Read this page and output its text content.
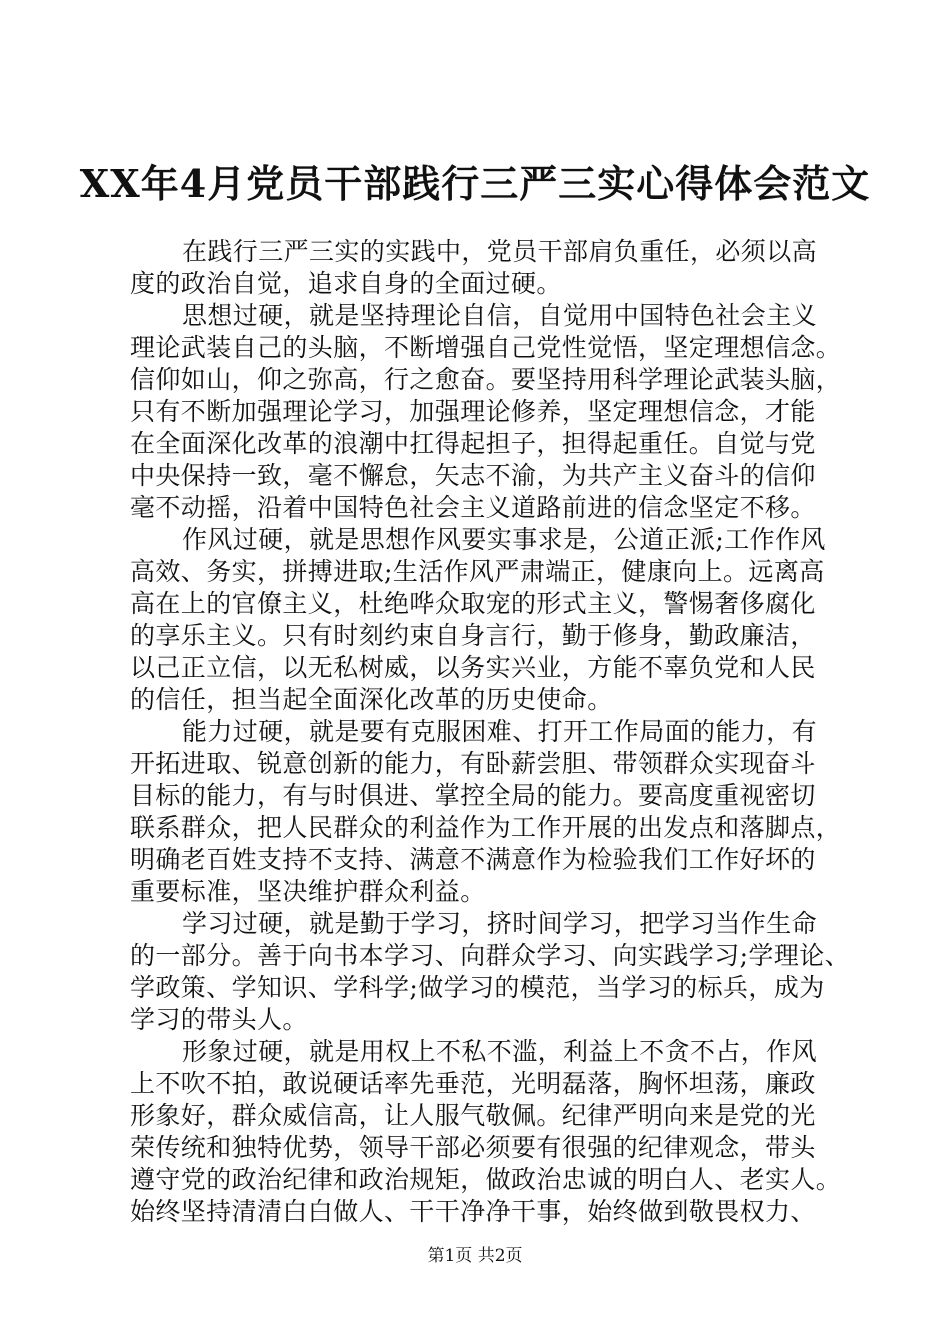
XX年4月党员干部践行三严三实心得体会范文
在践行三严三实的实践中，党员干部肩负重任，必须以高
度的政治自觉，追求自身的全面过硬。
思想过硬，就是坚持理论自信，自觉用中国特色社会主义
理论武装自己的头脑，不断增强自己党性觉悟，坚定理想信念。
信仰如山，仰之弥高，行之愈奋。要坚持用科学理论武装头脑，
只有不断加强理论学习，加强理论修养，坚定理想信念，才能
在全面深化改革的浪潮中扛得起担子，担得起重任。自觉与党
中央保持一致，毫不懈怠，矢志不渝，为共产主义奋斗的信仰
毫不动摇，沿着中国特色社会主义道路前进的信念坚定不移。
作风过硬，就是思想作风要实事求是，公道正派;工作作风
高效、务实，拼搏进取;生活作风严肃端正，健康向上。远离高
高在上的官僚主义，杜绝哗众取宠的形式主义，警惕奢侈腐化
的享乐主义。只有时刻约束自身言行，勤于修身，勤政廉洁，
以己正立信，以无私树威，以务实兴业，方能不辜负党和人民
的信任，担当起全面深化改革的历史使命。
能力过硬，就是要有克服困难、打开工作局面的能力，有
开拓进取、锐意创新的能力，有卧薪尝胆、带领群众实现奋斗
目标的能力，有与时俱进、掌控全局的能力。要高度重视密切
联系群众，把人民群众的利益作为工作开展的出发点和落脚点，
明确老百姓支持不支持、满意不满意作为检验我们工作好坏的
重要标准，坚决维护群众利益。
学习过硬，就是勤于学习，挤时间学习，把学习当作生命
的一部分。善于向书本学习、向群众学习、向实践学习;学理论、
学政策、学知识、学科学;做学习的模范，当学习的标兵，成为
学习的带头人。
形象过硬，就是用权上不私不滥，利益上不贪不占，作风
上不吹不拍，敢说硬话率先垂范，光明磊落，胸怀坦荡，廉政
形象好，群众威信高，让人服气敬佩。纪律严明向来是党的光
荣传统和独特优势，领导干部必须要有很强的纪律观念，带头
遵守党的政治纪律和政治规矩，做政治忠诚的明白人、老实人。
始终坚持清清白白做人、干干净净干事，始终做到敬畏权力、
第1页 共2页
